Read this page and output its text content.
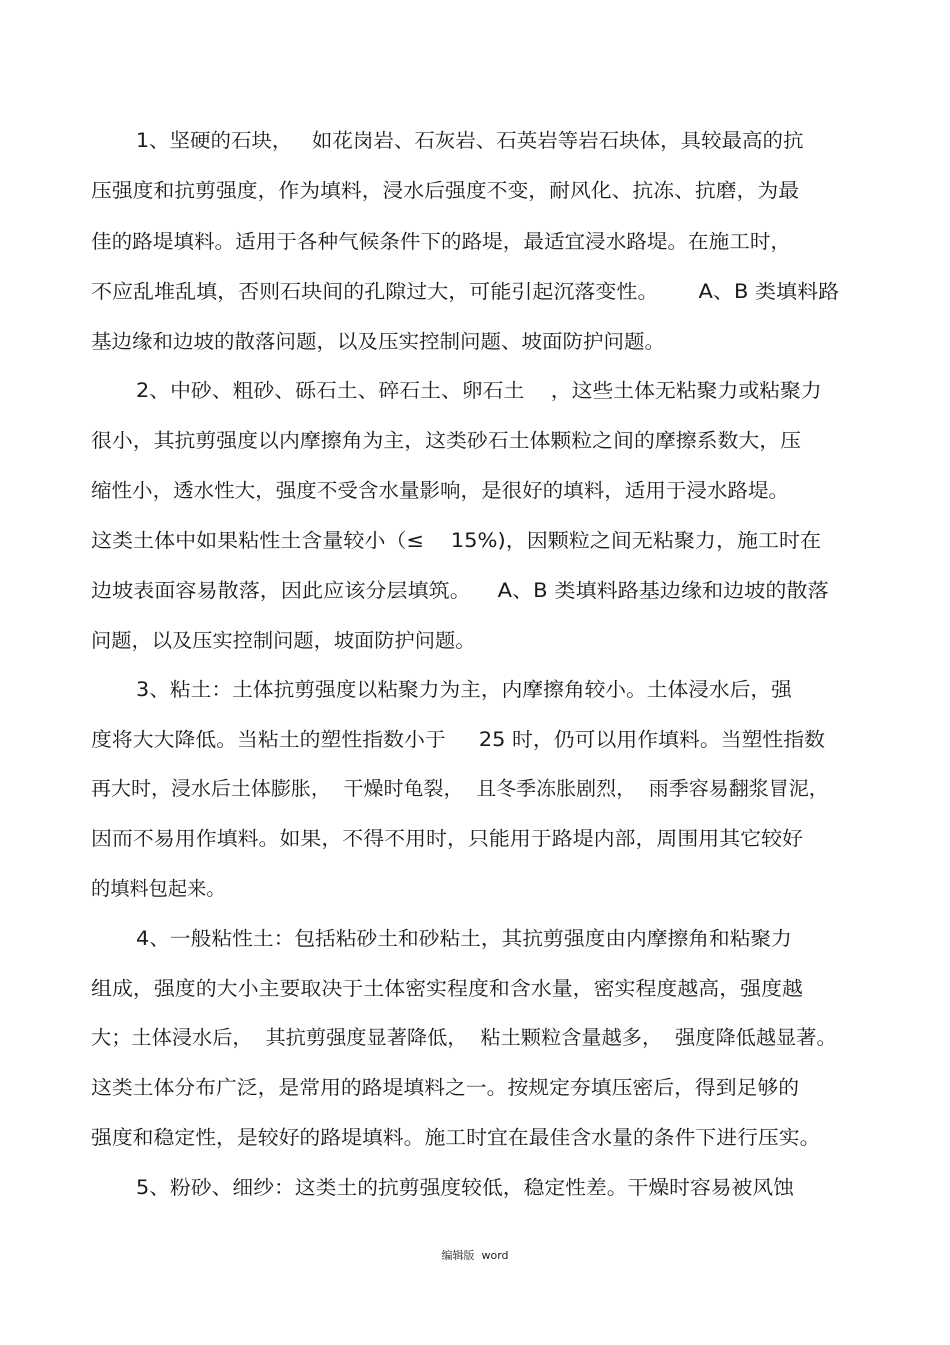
1、坚硬的石块，   如花岗岩、石灰岩、石英岩等岩石块体，具较最高的抗
压强度和抗剪强度，作为填料，浸水后强度不变，耐风化、抗冻、抗磨，为最
佳的路堤填料。适用于各种气候条件下的路堤，最适宜浸水路堤。在施工时，
不应乱堆乱填，否则石块间的孔隙过大，可能引起沉落变性。      A、B 类填料路
基边缘和边坡的散落问题，以及压实控制问题、坡面防护问题。
2、中砂、粗砂、砾石土、碎石土、卵石土    ，这些土体无粘聚力或粘聚力
很小，其抗剪强度以内摩擦角为主，这类砂石土体颗粒之间的摩擦系数大，压
缩性小，透水性大，强度不受含水量影响，是很好的填料，适用于浸水路堤。
这类土体中如果粘性土含量较小（≤    15%)，因颗粒之间无粘聚力，施工时在
边坡表面容易散落，因此应该分层填筑。    A、B 类填料路基边缘和边坡的散落
问题，以及压实控制问题，坡面防护问题。
3、粘土：土体抗剪强度以粘聚力为主，内摩擦角较小。土体浸水后，强
度将大大降低。当粘土的塑性指数小于     25 时，仍可以用作填料。当塑性指数
再大时，浸水后土体膨胀，  干燥时龟裂，  且冬季冻胀剧烈，  雨季容易翻浆冒泥，
因而不易用作填料。如果，不得不用时，只能用于路堤内部，周围用其它较好
的填料包起来。
4、一般粘性土：包括粘砂土和砂粘土，其抗剪强度由内摩擦角和粘聚力
组成，强度的大小主要取决于土体密实程度和含水量，密实程度越高，强度越
大；土体浸水后，  其抗剪强度显著降低，  粘土颗粒含量越多，  强度降低越显著。
这类土体分布广泛，是常用的路堤填料之一。按规定夯填压密后，得到足够的
强度和稳定性，是较好的路堤填料。施工时宜在最佳含水量的条件下进行压实。
5、粉砂、细纱：这类土的抗剪强度较低，稳定性差。干燥时容易被风蚀
编辑版  word
